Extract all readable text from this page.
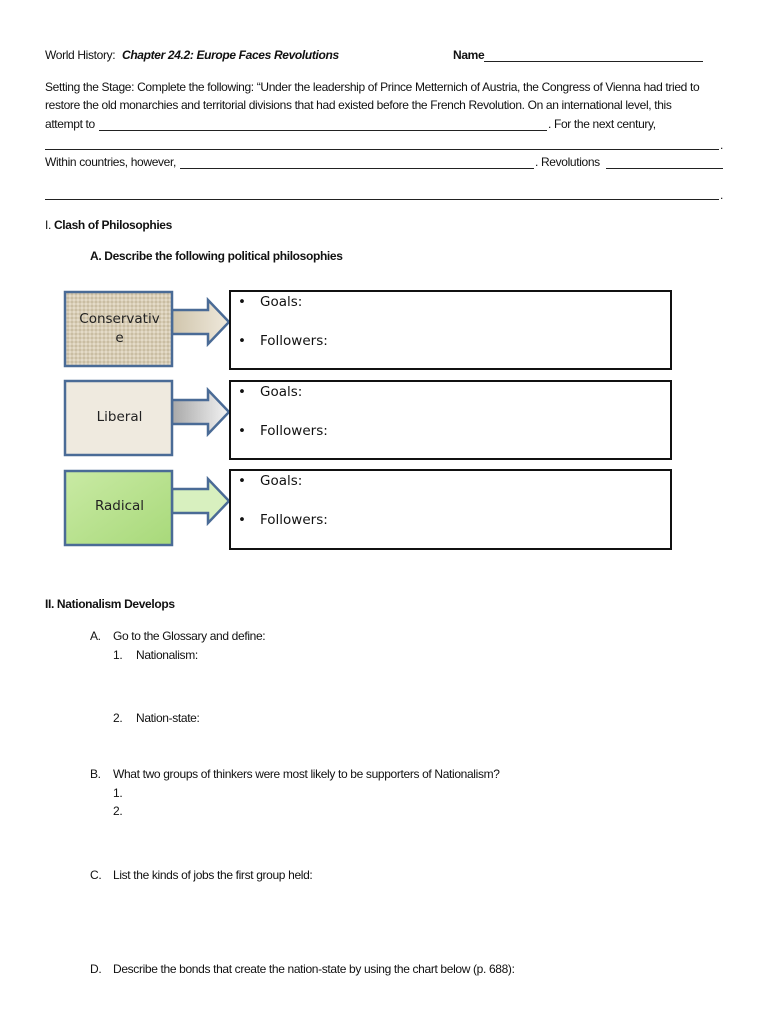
World History: Chapter 24.2: Europe Faces Revolutions	Name
Setting the Stage: Complete the following: “Under the leadership of Prince Metternich of Austria, the Congress of Vienna had tried to
restore the old monarchies and territorial divisions that had existed before the French Revolution. On an international level, this
attempt to	. For the next century,
.
Within countries, however,	. Revolutions
.
I. Clash of Philosophies
A. Describe the following political philosophies
Conservativ
e
Liberal
Radical
• Goals:
• Followers:
• Goals:
• Followers:
• Goals:
• Followers:
II. Nationalism Develops
A. Go to the Glossary and define:
1. Nationalism:
2. Nation-state:
B. What two groups of thinkers were most likely to be supporters of Nationalism?
1.
2.
C. List the kinds of jobs the first group held:
D. Describe the bonds that create the nation-state by using the chart below (p. 688):
